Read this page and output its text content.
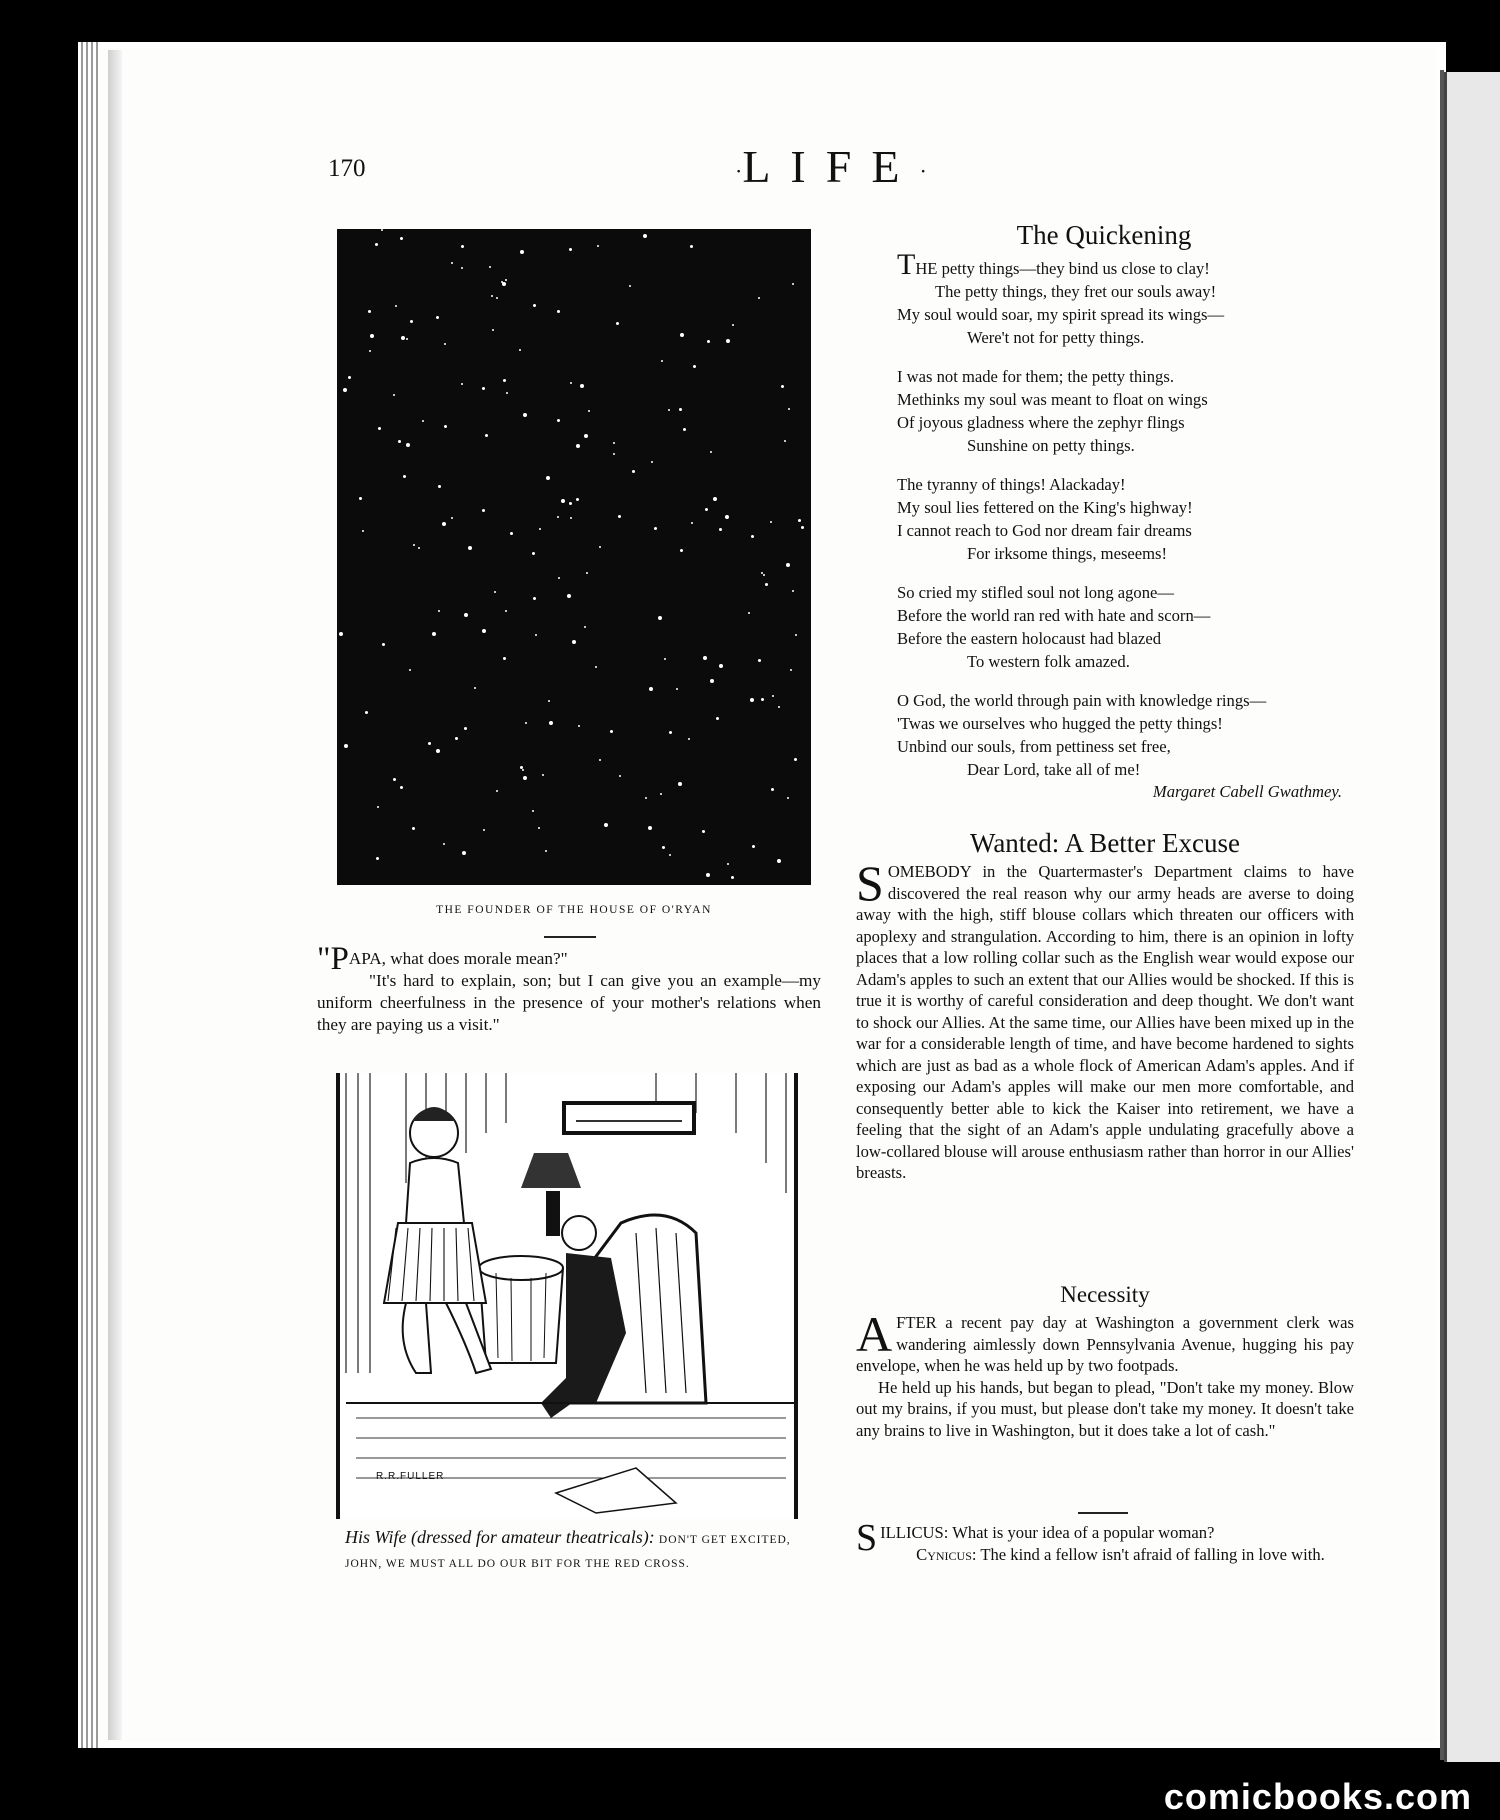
170	·LIFE·
THE FOUNDER OF THE HOUSE OF O'RYAN

"PAPA, what does morale mean?"

"It's hard to explain, son; but I can give you an example—my uniform cheerfulness in the presence of your mother's relations when they are paying us a visit."

R.R.FULLER
His Wife (dressed for amateur theatricals): DON'T GET EXCITED, JOHN, WE MUST ALL DO OUR BIT FOR THE RED CROSS.
The Quickening
THE petty things—they bind us close to clay!
The petty things, they fret our souls away!
My soul would soar, my spirit spread its wings—
Were't not for petty things.
I was not made for them; the petty things.
Methinks my soul was meant to float on wings
Of joyous gladness where the zephyr flings
Sunshine on petty things.
The tyranny of things! Alackaday!
My soul lies fettered on the King's highway!
I cannot reach to God nor dream fair dreams
For irksome things, meseems!
So cried my stifled soul not long agone—
Before the world ran red with hate and scorn—
Before the eastern holocaust had blazed
To western folk amazed.
O God, the world through pain with knowledge rings—
'Twas we ourselves who hugged the petty things!
Unbind our souls, from pettiness set free,
Dear Lord, take all of me!
Margaret Cabell Gwathmey.
Wanted: A Better Excuse

SOMEBODY in the Quartermaster's Department claims to have discovered the real reason why our army heads are averse to doing away with the high, stiff blouse collars which threaten our officers with apoplexy and strangulation. According to him, there is an opinion in lofty places that a low rolling collar such as the English wear would expose our Adam's apples to such an extent that our Allies would be shocked. If this is true it is worthy of careful consideration and deep thought. We don't want to shock our Allies. At the same time, our Allies have been mixed up in the war for a considerable length of time, and have become hardened to sights which are just as bad as a whole flock of American Adam's apples. And if exposing our Adam's apples will make our men more comfortable, and consequently better able to kick the Kaiser into retirement, we have a feeling that the sight of an Adam's apple undulating gracefully above a low-collared blouse will arouse enthusiasm rather than horror in our Allies' breasts.

Necessity

AFTER a recent pay day at Washington a government clerk was wandering aimlessly down Pennsylvania Avenue, hugging his pay envelope, when he was held up by two footpads.

He held up his hands, but began to plead, "Don't take my money. Blow out my brains, if you must, but please don't take my money. It doesn't take any brains to live in Washington, but it does take a lot of cash."

SILLICUS: What is your idea of a popular woman?
Cynicus: The kind a fellow isn't afraid of falling in love with.

comicbooks.com
